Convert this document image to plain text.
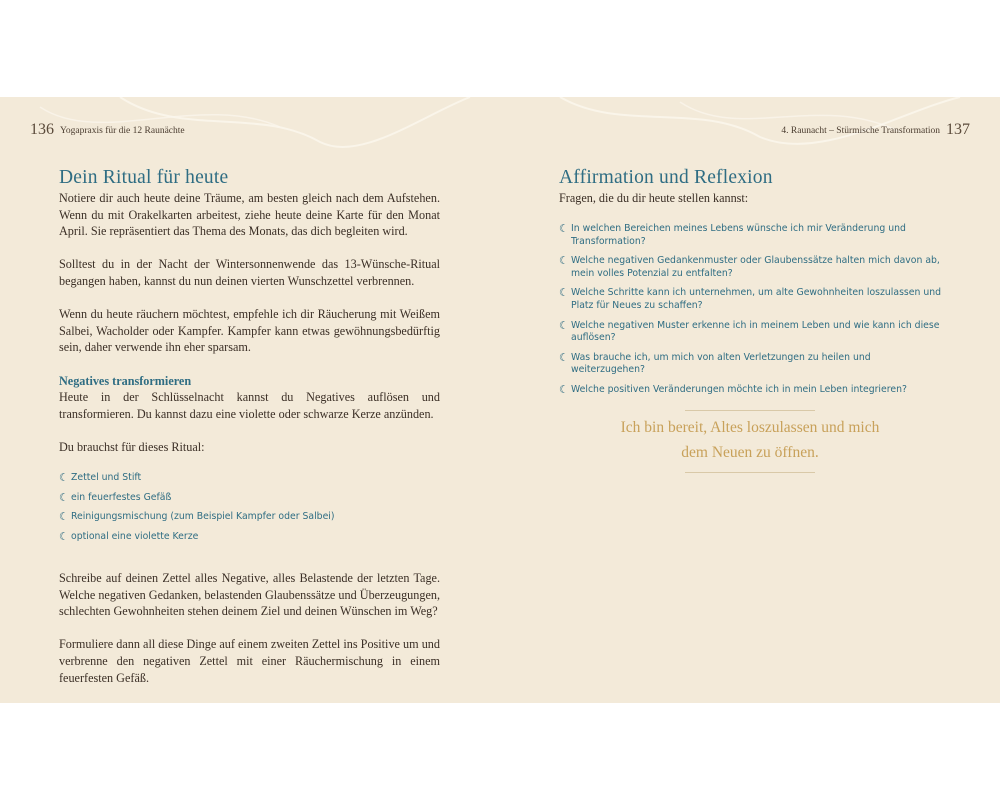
136 Yogapraxis für die 12 Raunächte
Dein Ritual für heute

Notiere dir auch heute deine Träume, am besten gleich nach dem Aufstehen. Wenn du mit Orakelkarten arbeitest, ziehe heute deine Karte für den Monat April. Sie repräsentiert das Thema des Monats, das dich begleiten wird.

Solltest du in der Nacht der Wintersonnenwende das 13-Wünsche-Ritual begangen haben, kannst du nun deinen vierten Wunschzettel verbrennen.

Wenn du heute räuchern möchtest, empfehle ich dir Räucherung mit Weißem Salbei, Wacholder oder Kampfer. Kampfer kann etwas gewöhnungsbedürftig sein, daher verwende ihn eher sparsam.

Negatives transformieren

Heute in der Schlüsselnacht kannst du Negatives auflösen und transformieren. Du kannst dazu eine violette oder schwarze Kerze anzünden.

Du brauchst für dieses Ritual:

☾ Zettel und Stift
☾ ein feuerfestes Gefäß
☾ Reinigungsmischung (zum Beispiel Kampfer oder Salbei)
☾ optional eine violette Kerze

Schreibe auf deinen Zettel alles Negative, alles Belastende der letzten Tage. Welche negativen Gedanken, belastenden Glaubenssätze und Überzeugungen, schlechten Gewohnheiten stehen deinem Ziel und deinen Wünschen im Weg?

Formuliere dann all diese Dinge auf einem zweiten Zettel ins Positive um und verbrenne den negativen Zettel mit einer Räuchermischung in einem feuerfesten Gefäß.

4. Raunacht – Stürmische Transformation 137
Affirmation und Reflexion
Fragen, die du dir heute stellen kannst:
☾ In welchen Bereichen meines Lebens wünsche ich mir Veränderung und Transformation?
☾ Welche negativen Gedankenmuster oder Glaubenssätze halten mich davon ab, mein volles Potenzial zu entfalten?
☾ Welche Schritte kann ich unternehmen, um alte Gewohnheiten loszulassen und Platz für Neues zu schaffen?
☾ Welche negativen Muster erkenne ich in meinem Leben und wie kann ich diese auflösen?
☾ Was brauche ich, um mich von alten Verletzungen zu heilen und weiterzugehen?
☾ Welche positiven Veränderungen möchte ich in mein Leben integrieren?
Ich bin bereit, Altes loszulassen und mich
dem Neuen zu öffnen.
